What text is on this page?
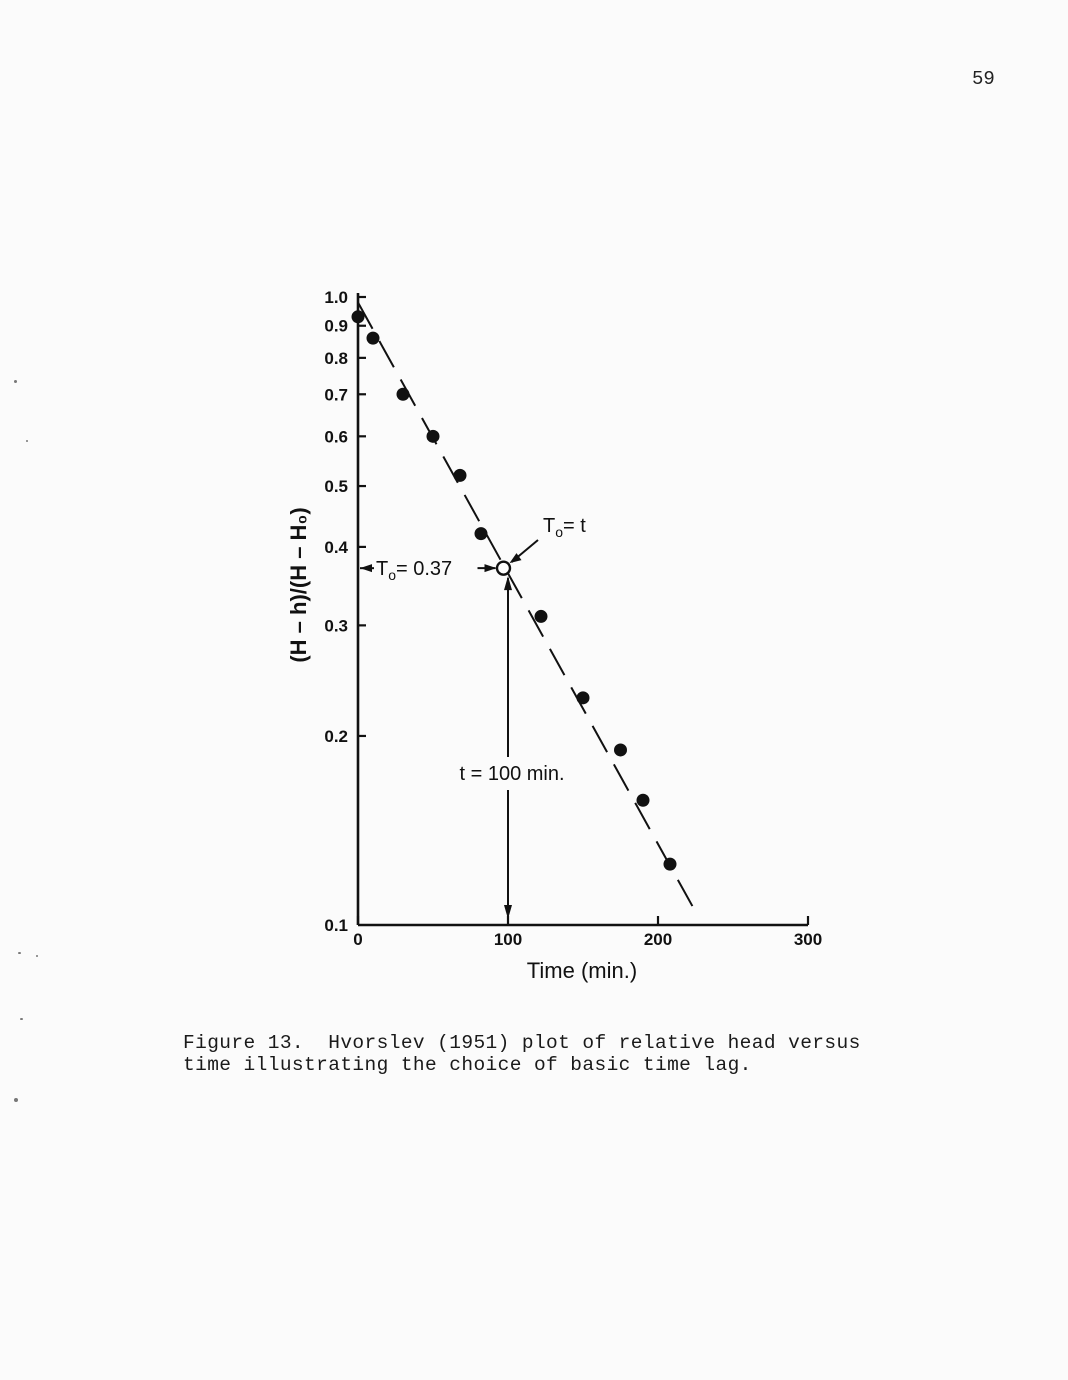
59
0	100	200	300
0.1
0.2
0.3
0.4
0.5
0.6
0.7
0.8
0.9
1.0
$T_o= 0.37$
$T_o= t$
t = 100 min.
Time (min.)
(H – h)/(H – H₀)
Figure 13.  Hvorslev (1951) plot of relative head versus
time illustrating the choice of basic time lag.
